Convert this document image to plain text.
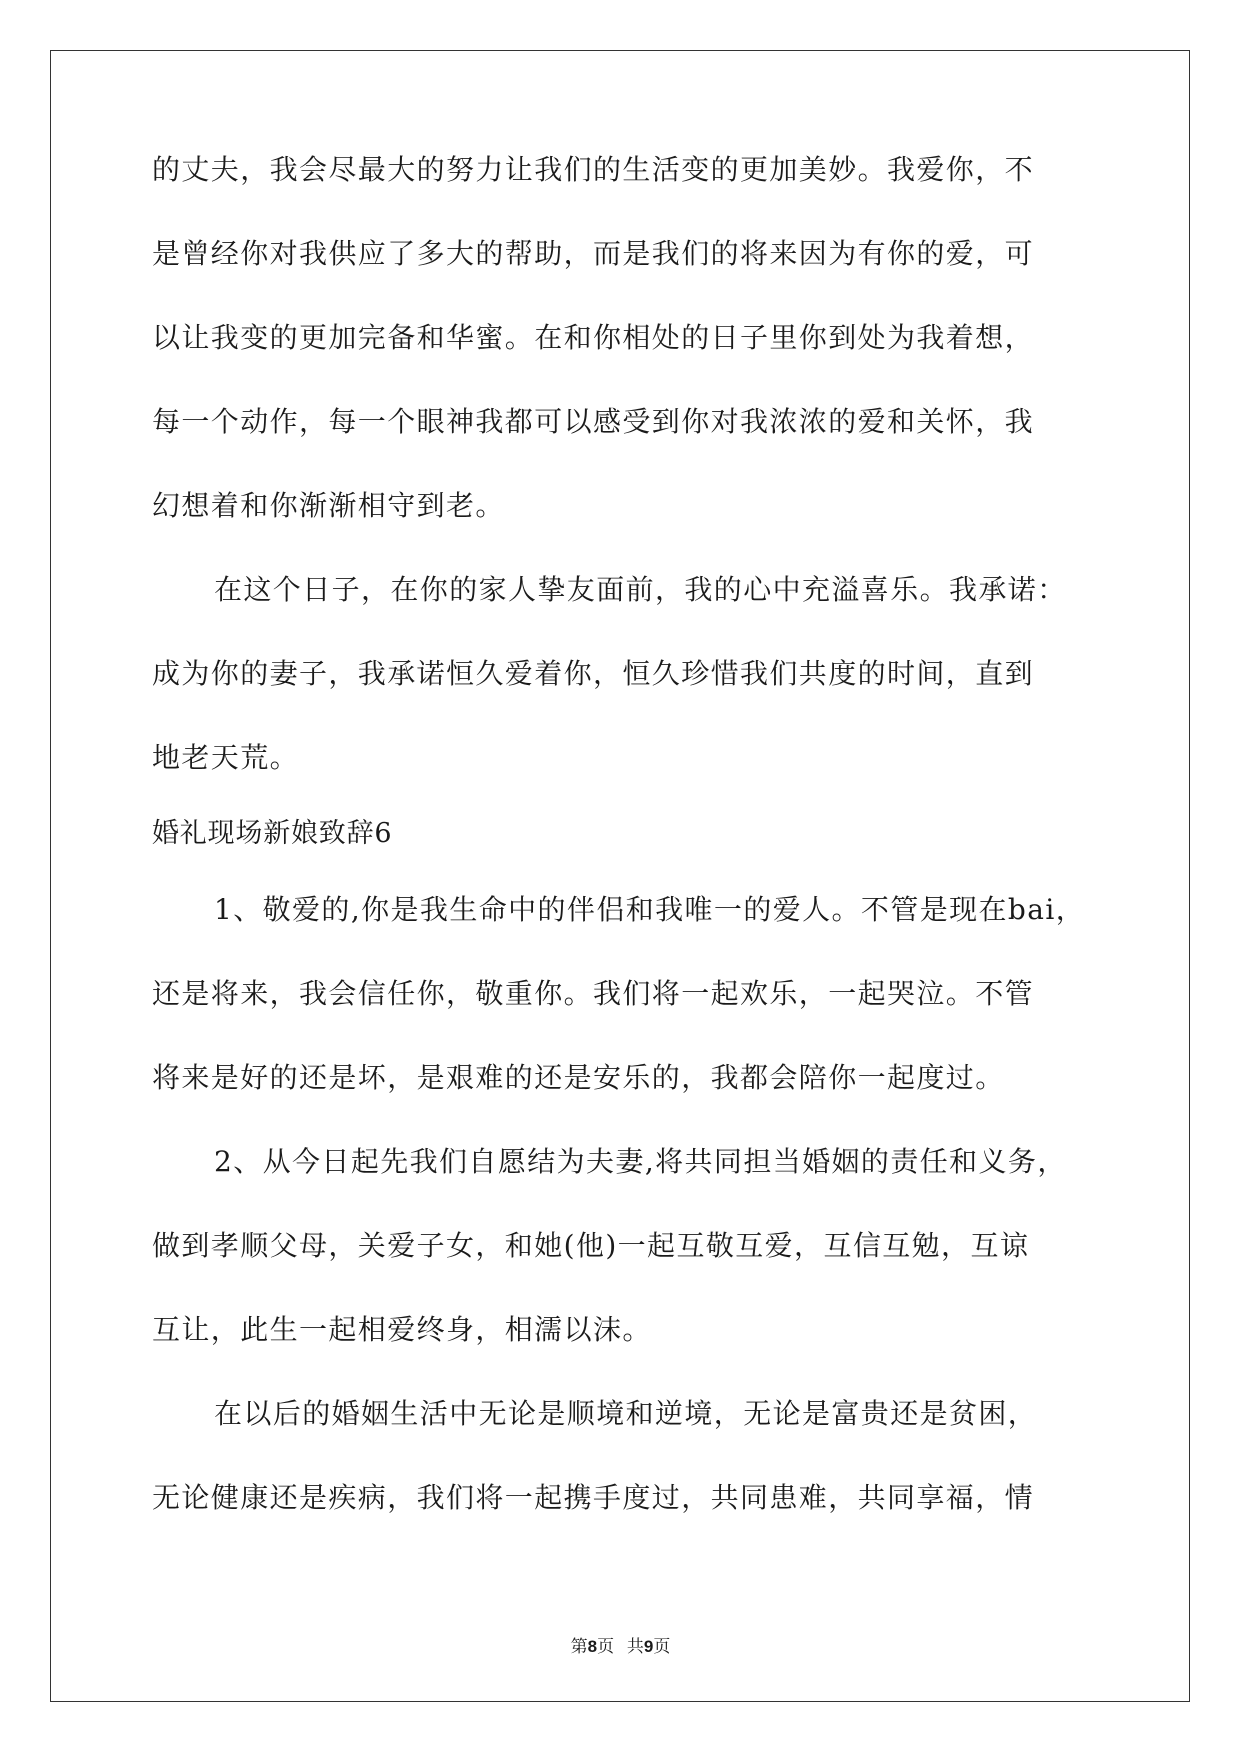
的丈夫，我会尽最大的努力让我们的生活变的更加美妙。我爱你，不
是曾经你对我供应了多大的帮助，而是我们的将来因为有你的爱，可
以让我变的更加完备和华蜜。在和你相处的日子里你到处为我着想，
每一个动作，每一个眼神我都可以感受到你对我浓浓的爱和关怀，我
幻想着和你渐渐相守到老。
在这个日子，在你的家人挚友面前，我的心中充溢喜乐。我承诺：
成为你的妻子，我承诺恒久爱着你，恒久珍惜我们共度的时间，直到
地老天荒。
婚礼现场新娘致辞6
1、敬爱的,你是我生命中的伴侣和我唯一的爱人。不管是现在bai，
还是将来，我会信任你，敬重你。我们将一起欢乐，一起哭泣。不管
将来是好的还是坏，是艰难的还是安乐的，我都会陪你一起度过。
2、从今日起先我们自愿结为夫妻,将共同担当婚姻的责任和义务，
做到孝顺父母，关爱子女，和她(他)一起互敬互爱，互信互勉，互谅
互让，此生一起相爱终身，相濡以沫。
在以后的婚姻生活中无论是顺境和逆境，无论是富贵还是贫困，
无论健康还是疾病，我们将一起携手度过，共同患难，共同享福，情
第8页 共9页
